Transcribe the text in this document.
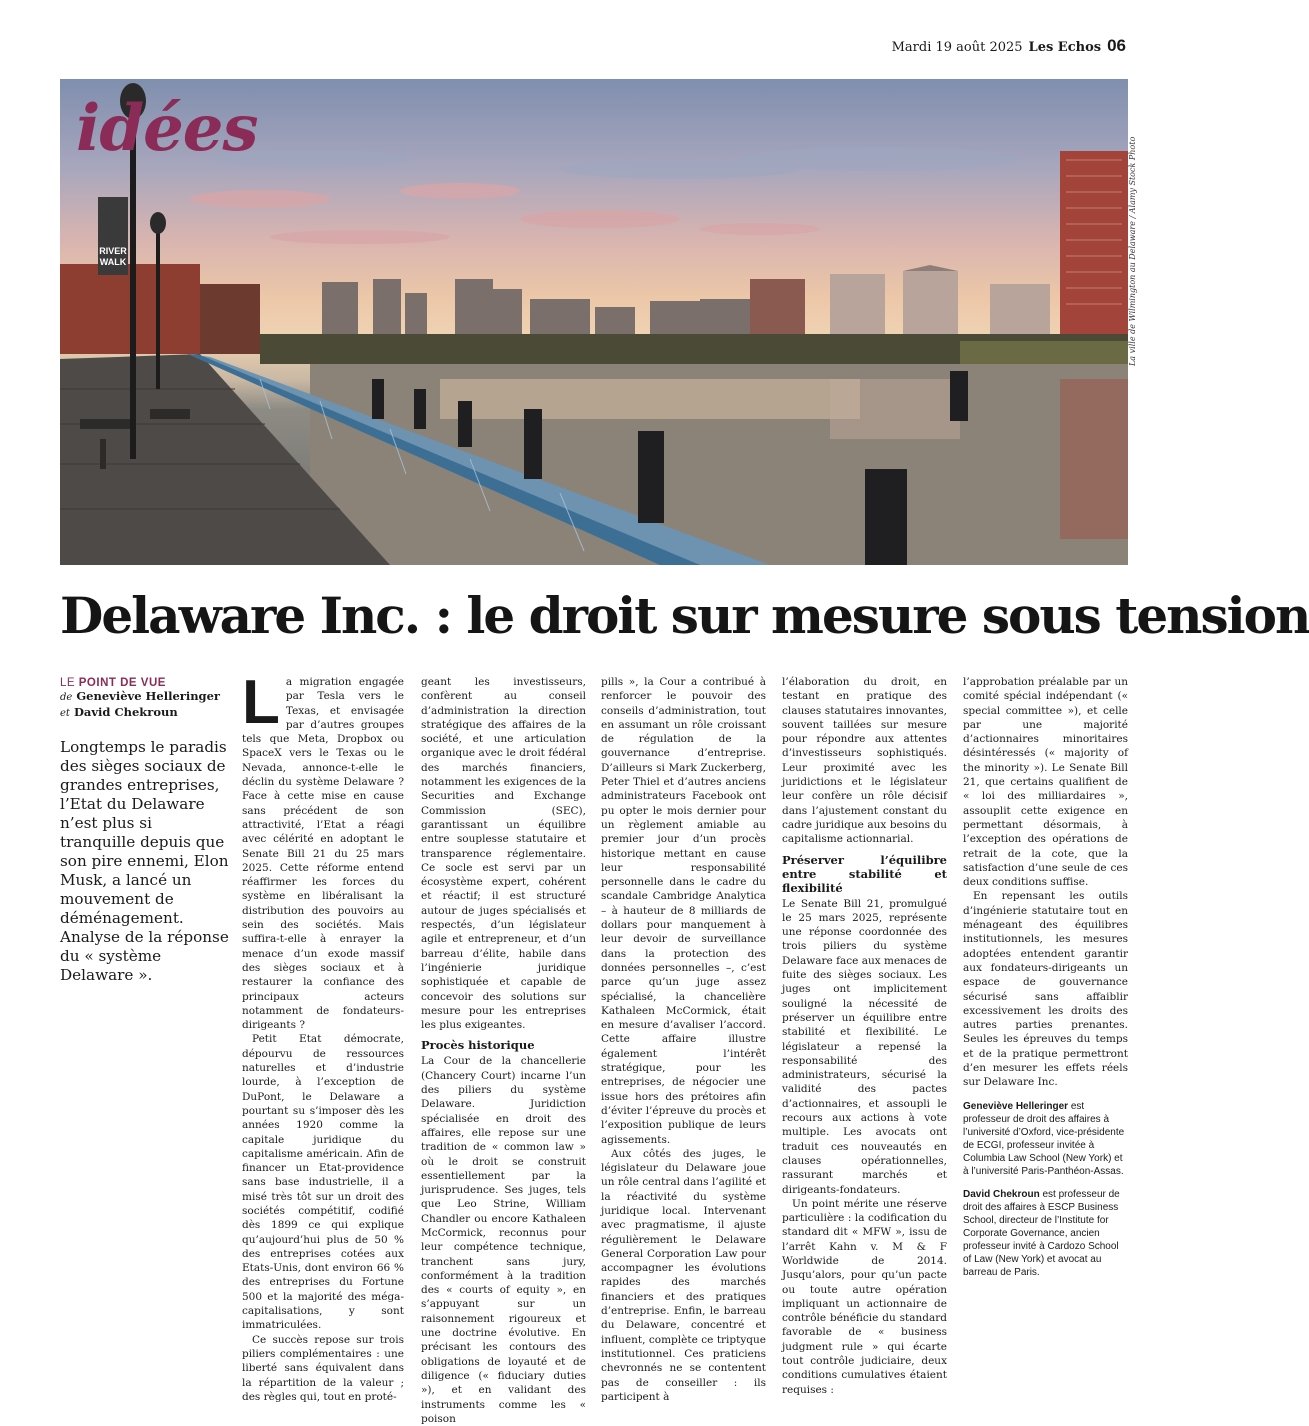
Mardi 19 août 2025 Les Echos 06
RIVER
WALK
idées
La ville de Wilmington au Delaware / Alamy Stock Photo
Delaware Inc. : le droit sur mesure sous tension
LE POINT DE VUE
de Geneviève Helleringer
et David Chekroun

Longtemps le paradis des sièges sociaux de grandes entreprises, l’Etat du Delaware n’est plus si tranquille depuis que son pire ennemi, Elon Musk, a lancé un mouvement de déménagement. Analyse de la réponse du « système Delaware ».

La migration engagée par Tesla vers le Texas, et envisagée par d’autres groupes tels que Meta, Dropbox ou SpaceX vers le Texas ou le Nevada, annonce-t-elle le déclin du système Delaware ? Face à cette mise en cause sans précédent de son attractivité, l’Etat a réagi avec célérité en adoptant le Senate Bill 21 du 25 mars 2025. Cette réforme entend réaffirmer les forces du système en libéralisant la distribution des pouvoirs au sein des sociétés. Mais suffira-t-elle à enrayer la menace d’un exode massif des sièges sociaux et à restaurer la confiance des principaux acteurs notamment de fondateurs-dirigeants ?

Petit Etat démocrate, dépourvu de ressources naturelles et d’industrie lourde, à l’exception de DuPont, le Delaware a pourtant su s’imposer dès les années 1920 comme la capitale juridique du capitalisme américain. Afin de financer un Etat-providence sans base industrielle, il a misé très tôt sur un droit des sociétés compétitif, codifié dès 1899 ce qui explique qu’aujourd’hui plus de 50 % des entreprises cotées aux Etats-Unis, dont environ 66 % des entreprises du Fortune 500 et la majorité des méga-capitalisations, y sont immatriculées.

Ce succès repose sur trois piliers complémentaires : une liberté sans équivalent dans la répartition de la valeur ; des règles qui, tout en proté-

geant les investisseurs, confèrent au conseil d’administration la direction stratégique des affaires de la société, et une articulation organique avec le droit fédéral des marchés financiers, notamment les exigences de la Securities and Exchange Commission (SEC), garantissant un équilibre entre souplesse statutaire et transparence réglementaire. Ce socle est servi par un écosystème expert, cohérent et réactif; il est structuré autour de juges spécialisés et respectés, d’un législateur agile et entrepreneur, et d’un barreau d’élite, habile dans l’ingénierie juridique sophistiquée et capable de concevoir des solutions sur mesure pour les entreprises les plus exigeantes.

Procès historique

La Cour de la chancellerie (Chancery Court) incarne l’un des piliers du système Delaware. Juridiction spécialisée en droit des affaires, elle repose sur une tradition de « common law » où le droit se construit essentiellement par la jurisprudence. Ses juges, tels que Leo Strine, William Chandler ou encore Kathaleen McCormick, reconnus pour leur compétence technique, tranchent sans jury, conformément à la tradition des « courts of equity », en s’appuyant sur un raisonnement rigoureux et une doctrine évolutive. En précisant les contours des obligations de loyauté et de diligence (« fiduciary duties »), et en validant des instruments comme les « poison

pills », la Cour a contribué à renforcer le pouvoir des conseils d’administration, tout en assumant un rôle croissant de régulation de la gouvernance d’entreprise. D’ailleurs si Mark Zuckerberg, Peter Thiel et d’autres anciens administrateurs Facebook ont pu opter le mois dernier pour un règlement amiable au premier jour d’un procès historique mettant en cause leur responsabilité personnelle dans le cadre du scandale Cambridge Analytica – à hauteur de 8 milliards de dollars pour manquement à leur devoir de surveillance dans la protection des données personnelles –, c’est parce qu’un juge assez spécialisé, la chancelière Kathaleen McCormick, était en mesure d’avaliser l’accord. Cette affaire illustre également l’intérêt stratégique, pour les entreprises, de négocier une issue hors des prétoires afin d’éviter l’épreuve du procès et l’exposition publique de leurs agissements.

Aux côtés des juges, le législateur du Delaware joue un rôle central dans l’agilité et la réactivité du système juridique local. Intervenant avec pragmatisme, il ajuste régulièrement le Delaware General Corporation Law pour accompagner les évolutions rapides des marchés financiers et des pratiques d’entreprise. Enfin, le barreau du Delaware, concentré et influent, complète ce triptyque institutionnel. Ces praticiens chevronnés ne se contentent pas de conseiller : ils participent à

l’élaboration du droit, en testant en pratique des clauses statutaires innovantes, souvent taillées sur mesure pour répondre aux attentes d’investisseurs sophistiqués. Leur proximité avec les juridictions et le législateur leur confère un rôle décisif dans l’ajustement constant du cadre juridique aux besoins du capitalisme actionnarial.

Préserver l’équilibre entre stabilité et flexibilité

Le Senate Bill 21, promulgué le 25 mars 2025, représente une réponse coordonnée des trois piliers du système Delaware face aux menaces de fuite des sièges sociaux. Les juges ont implicitement souligné la nécessité de préserver un équilibre entre stabilité et flexibilité. Le législateur a repensé la responsabilité des administrateurs, sécurisé la validité des pactes d’actionnaires, et assoupli le recours aux actions à vote multiple. Les avocats ont traduit ces nouveautés en clauses opérationnelles, rassurant marchés et dirigeants-fondateurs.

Un point mérite une réserve particulière : la codification du standard dit « MFW », issu de l’arrêt Kahn v. M & F Worldwide de 2014. Jusqu’alors, pour qu’un pacte ou toute autre opération impliquant un actionnaire de contrôle bénéficie du standard favorable de « business judgment rule » qui écarte tout contrôle judiciaire, deux conditions cumulatives étaient requises :

l’approbation préalable par un comité spécial indépendant (« special committee »), et celle par une majorité d’actionnaires minoritaires désintéressés (« majority of the minority »). Le Senate Bill 21, que certains qualifient de « loi des milliardaires », assouplit cette exigence en permettant désormais, à l’exception des opérations de retrait de la cote, que la satisfaction d’une seule de ces deux conditions suffise.

En repensant les outils d’ingénierie statutaire tout en ménageant des équilibres institutionnels, les mesures adoptées entendent garantir aux fondateurs-dirigeants un espace de gouvernance sécurisé sans affaiblir excessivement les droits des autres parties prenantes. Seules les épreuves du temps et de la pratique permettront d’en mesurer les effets réels sur Delaware Inc.

Geneviève Helleringer est professeur de droit des affaires à l’université d’Oxford, vice-présidente de ECGI, professeur invitée à Columbia Law School (New York) et à l’université Paris-Panthéon-Assas.
David Chekroun est professeur de droit des affaires à ESCP Business School, directeur de l’Institute for Corporate Governance, ancien professeur invité à Cardozo School of Law (New York) et avocat au barreau de Paris.
